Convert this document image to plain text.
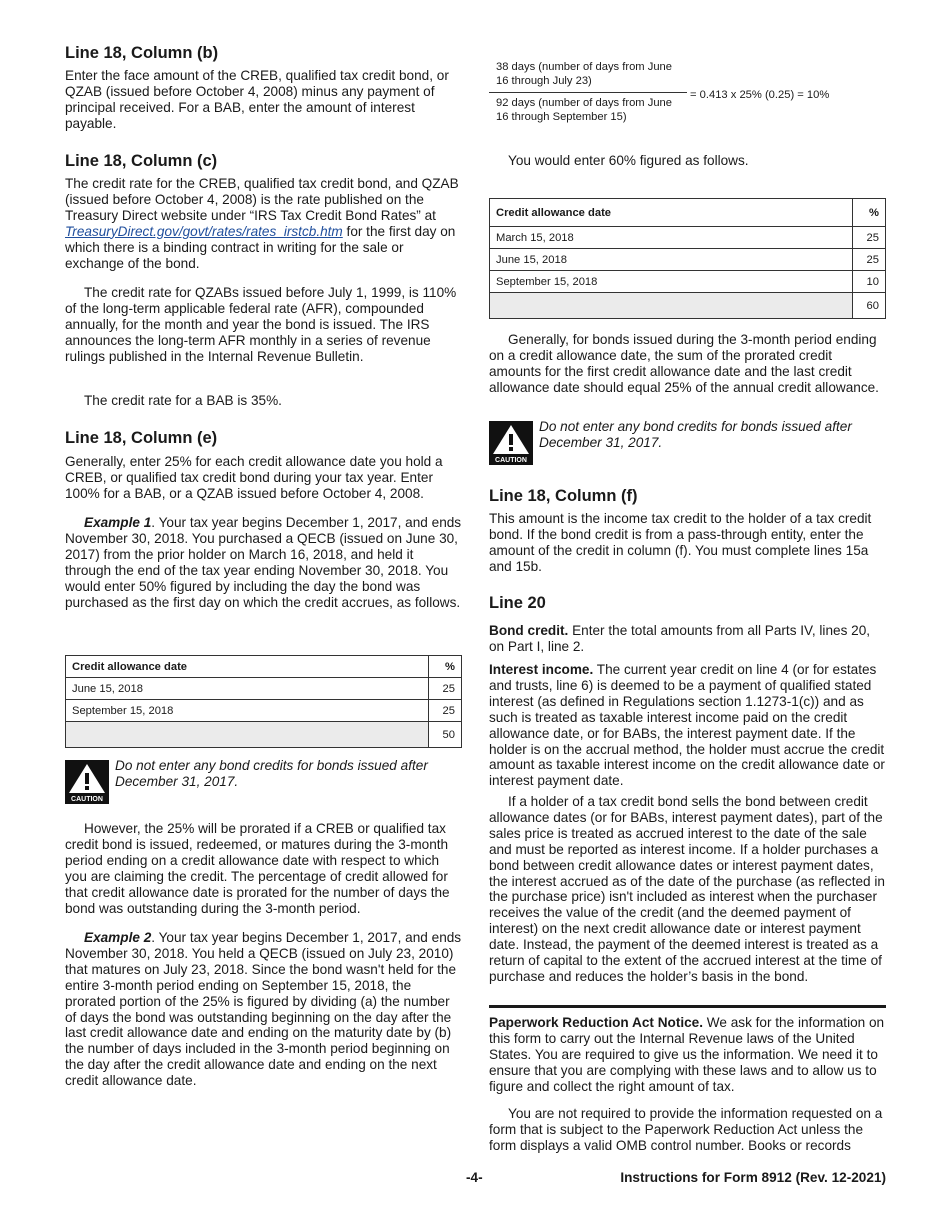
Line 18, Column (b)

Enter the face amount of the CREB, qualified tax credit bond, or QZAB (issued before October 4, 2008) minus any payment of principal received. For a BAB, enter the amount of interest payable.

Line 18, Column (c)

The credit rate for the CREB, qualified tax credit bond, and QZAB (issued before October 4, 2008) is the rate published on the Treasury Direct website under “IRS Tax Credit Bond Rates” at TreasuryDirect.gov/govt/rates/rates_irstcb.htm for the first day on which there is a binding contract in writing for the sale or exchange of the bond.

The credit rate for QZABs issued before July 1, 1999, is 110% of the long-term applicable federal rate (AFR), compounded annually, for the month and year the bond is issued. The IRS announces the long-term AFR monthly in a series of revenue rulings published in the Internal Revenue Bulletin.

The credit rate for a BAB is 35%.

Line 18, Column (e)

Generally, enter 25% for each credit allowance date you hold a CREB, or qualified tax credit bond during your tax year. Enter 100% for a BAB, or a QZAB issued before October 4, 2008.

Example 1. Your tax year begins December 1, 2017, and ends November 30, 2018. You purchased a QECB (issued on June 30, 2017) from the prior holder on March 16, 2018, and held it through the end of the tax year ending November 30, 2018. You would enter 50% figured by including the day the bond was purchased as the first day on which the credit accrues, as follows.

Credit allowance date	%
June 15, 2018	25
September 15, 2018	25
	50
CAUTION
Do not enter any bond credits for bonds issued after December 31, 2017.

However, the 25% will be prorated if a CREB or qualified tax credit bond is issued, redeemed, or matures during the 3-month period ending on a credit allowance date with respect to which you are claiming the credit. The percentage of credit allowed for that credit allowance date is prorated for the number of days the bond was outstanding during the 3-month period.

Example 2. Your tax year begins December 1, 2017, and ends November 30, 2018. You held a QECB (issued on July 23, 2010) that matures on July 23, 2018. Since the bond wasn't held for the entire 3-month period ending on September 15, 2018, the prorated portion of the 25% is figured by dividing (a) the number of days the bond was outstanding beginning on the day after the last credit allowance date and ending on the maturity date by (b) the number of days included in the 3-month period beginning on the day after the credit allowance date and ending on the next credit allowance date.

38 days (number of days from June 16 through July 23)
92 days (number of days from June 16 through September 15)
= 0.413 x 25% (0.25) = 10%

You would enter 60% figured as follows.

Credit allowance date	%
March 15, 2018	25
June 15, 2018	25
September 15, 2018	10
	60

Generally, for bonds issued during the 3-month period ending on a credit allowance date, the sum of the prorated credit amounts for the first credit allowance date and the last credit allowance date should equal 25% of the annual credit allowance.

CAUTION
Do not enter any bond credits for bonds issued after December 31, 2017.
Line 18, Column (f)

This amount is the income tax credit to the holder of a tax credit bond. If the bond credit is from a pass-through entity, enter the amount of the credit in column (f). You must complete lines 15a and 15b.

Line 20

Bond credit. Enter the total amounts from all Parts IV, lines 20, on Part I, line 2.

Interest income. The current year credit on line 4 (or for estates and trusts, line 6) is deemed to be a payment of qualified stated interest (as defined in Regulations section 1.1273-1(c)) and as such is treated as taxable interest income paid on the credit allowance date, or for BABs, the interest payment date. If the holder is on the accrual method, the holder must accrue the credit amount as taxable interest income on the credit allowance date or interest payment date.

If a holder of a tax credit bond sells the bond between credit allowance dates (or for BABs, interest payment dates), part of the sales price is treated as accrued interest to the date of the sale and must be reported as interest income. If a holder purchases a bond between credit allowance dates or interest payment dates, the interest accrued as of the date of the purchase (as reflected in the purchase price) isn't included as interest when the purchaser receives the value of the credit (and the deemed payment of interest) on the next credit allowance date or interest payment date. Instead, the payment of the deemed interest is treated as a return of capital to the extent of the accrued interest at the time of purchase and reduces the holder’s basis in the bond.

Paperwork Reduction Act Notice. We ask for the information on this form to carry out the Internal Revenue laws of the United States. You are required to give us the information. We need it to ensure that you are complying with these laws and to allow us to figure and collect the right amount of tax.

You are not required to provide the information requested on a form that is subject to the Paperwork Reduction Act unless the form displays a valid OMB control number. Books or records

-4-	Instructions for Form 8912 (Rev. 12-2021)
